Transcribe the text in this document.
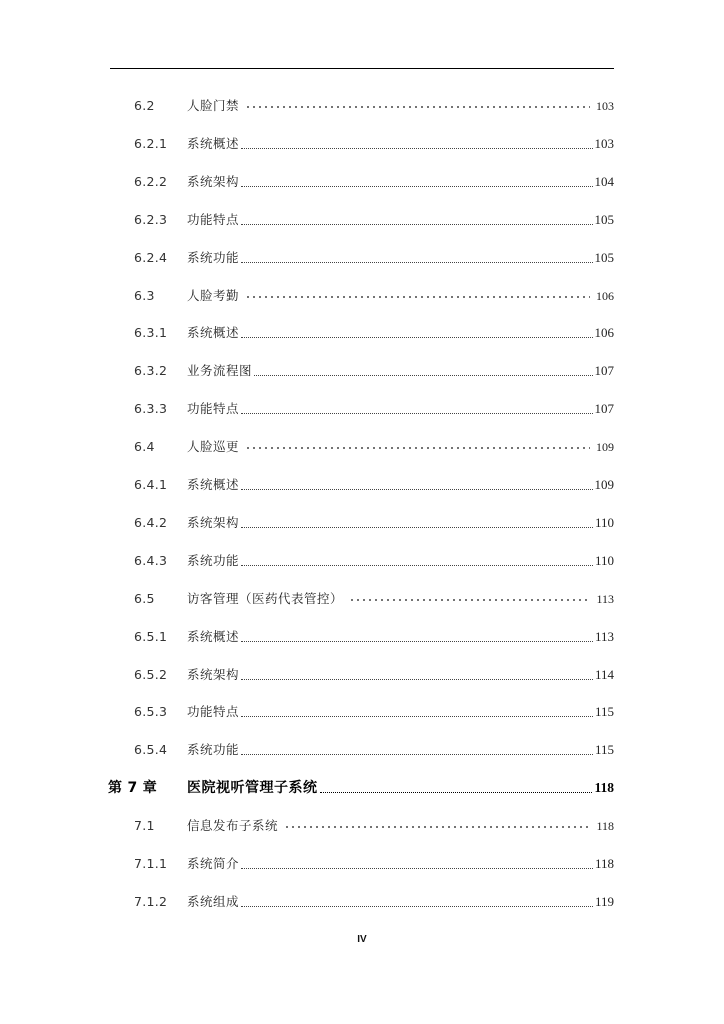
6.2	人脸门禁	103
6.2.1 系统概述	103
6.2.2 系统架构	104
6.2.3 功能特点	105
6.2.4 系统功能	105
6.3	人脸考勤	106
6.3.1 系统概述	106
6.3.2 业务流程图	107
6.3.3 功能特点	107
6.4	人脸巡更	109
6.4.1 系统概述	109
6.4.2 系统架构	110
6.4.3 系统功能	110
6.5	访客管理（医药代表管控）	113
6.5.1 系统概述	113
6.5.2 系统架构	114
6.5.3 功能特点	115
6.5.4 系统功能	115
第 7 章 医院视听管理子系统	118
7.1	信息发布子系统	118
7.1.1 系统简介	118
7.1.2 系统组成	119
IV
